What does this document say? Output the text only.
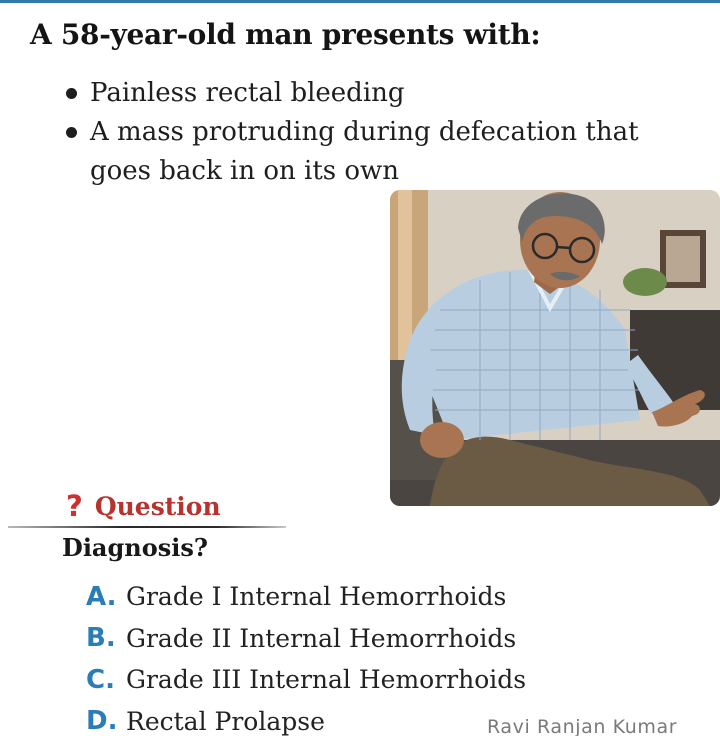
A 58-year-old man presents with:
Painless rectal bleeding
A mass protruding during defecation that goes back in on its own
? Question
Diagnosis?
A. Grade I Internal Hemorrhoids
B. Grade II Internal Hemorrhoids
C. Grade III Internal Hemorrhoids
D. Rectal Prolapse	Ravi Ranjan Kumar
